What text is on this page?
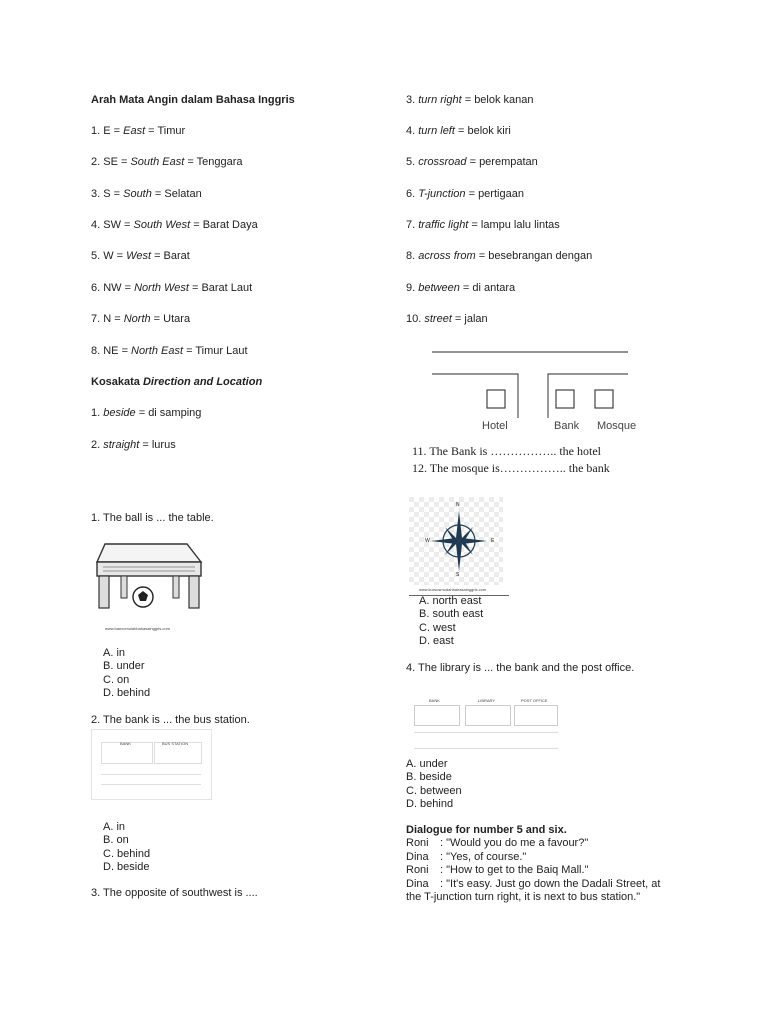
Arah Mata Angin dalam Bahasa Inggris
1. E = East = Timur
2. SE = South East = Tenggara
3. S = South = Selatan
4. SW = South West = Barat Daya
5. W = West = Barat
6. NW = North West = Barat Laut
7. N = North = Utara
8. NE = North East = Timur Laut
Kosakata Direction and Location
1. beside = di samping
2. straight = lurus
3. turn right = belok kanan
4. turn left = belok kiri
5. crossroad = perempatan
6. T-junction = pertigaan
7. traffic light = lampu lalu lintas
8. across from = besebrangan dengan
9. between = di antara
10. street = jalan
Hotel	Bank Mosque
11. The Bank is …………….. the hotel
12. The mosque is…………….. the bank
1. The ball is ... the table.
www.bancomulahbahasainggris.com
A. in
B. under
C. on
D. behind
2. The bank is ... the bus station.
BANK	BUS STATION
A. in
B. on
C. behind
D. beside
3. The opposite of southwest is ....
N
S
W	E
www.kursusmudahbahasainggris.com
A. north east
B. south east
C. west
D. east
4. The library is ... the bank and the post office.
BANK	LIBRARY	POST OFFICE
A. under
B. beside
C. between
D. behind
Dialogue for number 5 and six.
Roni : "Would you do me a favour?"
Dina : "Yes, of course."
Roni : "How to get to the Baiq Mall."
Dina : "It's easy. Just go down the Dadali Street, at
the T-junction turn right, it is next to bus station."
